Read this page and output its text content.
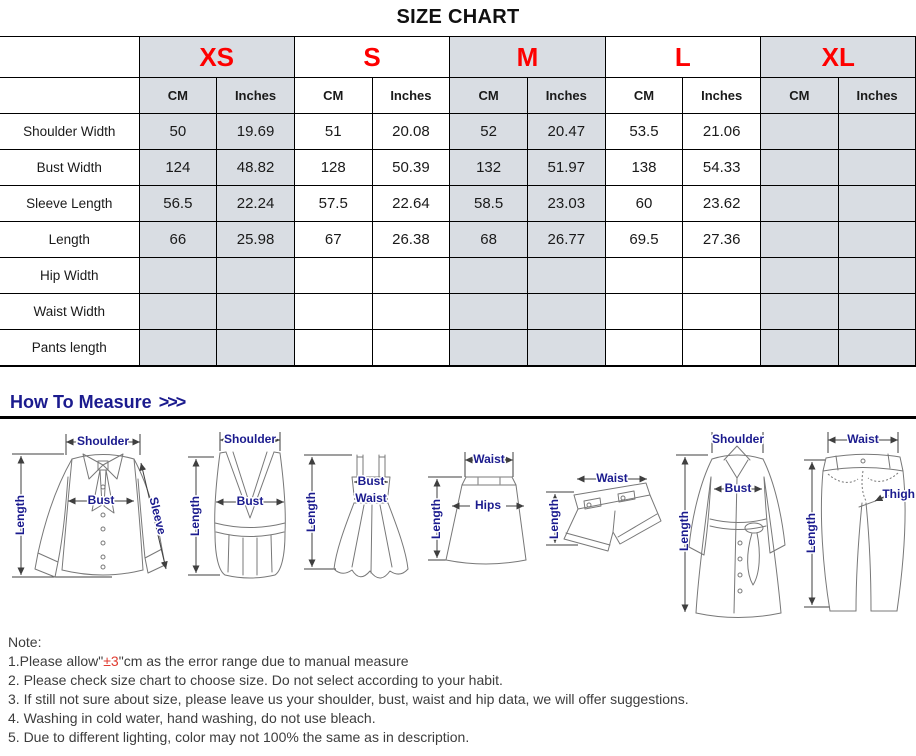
SIZE CHART
	XS		S		M		L		XL	
	CM	Inches	CM	Inches	CM	Inches	CM	Inches	CM	Inches
Shoulder Width	50	19.69	51	20.08	52	20.47	53.5	21.06		
Bust Width	124	48.82	128	50.39	132	51.97	138	54.33		
Sleeve Length	56.5	22.24	57.5	22.64	58.5	23.03	60	23.62		
Length	66	25.98	67	26.38	68	26.77	69.5	27.36		
Hip Width										
Waist Width										
Pants length										
How To Measure >>>
Shoulder
Length	Bust	Sleeve
Shoulder
Length	Bust	Length
Bust
Waist
Waist
Length	Hips
Waist
Length
Shoulder
Length
Bust
Waist
Length
Thigh
Note:
1.Please allow"±3"cm as the error range due to manual measure
2. Please check size chart to choose size. Do not select according to your habit.
3. If still not sure about size, please leave us your shoulder, bust, waist and hip data, we will offer suggestions.
4. Washing in cold water, hand washing, do not use bleach.
5. Due to different lighting, color may not 100% the same as in description.
